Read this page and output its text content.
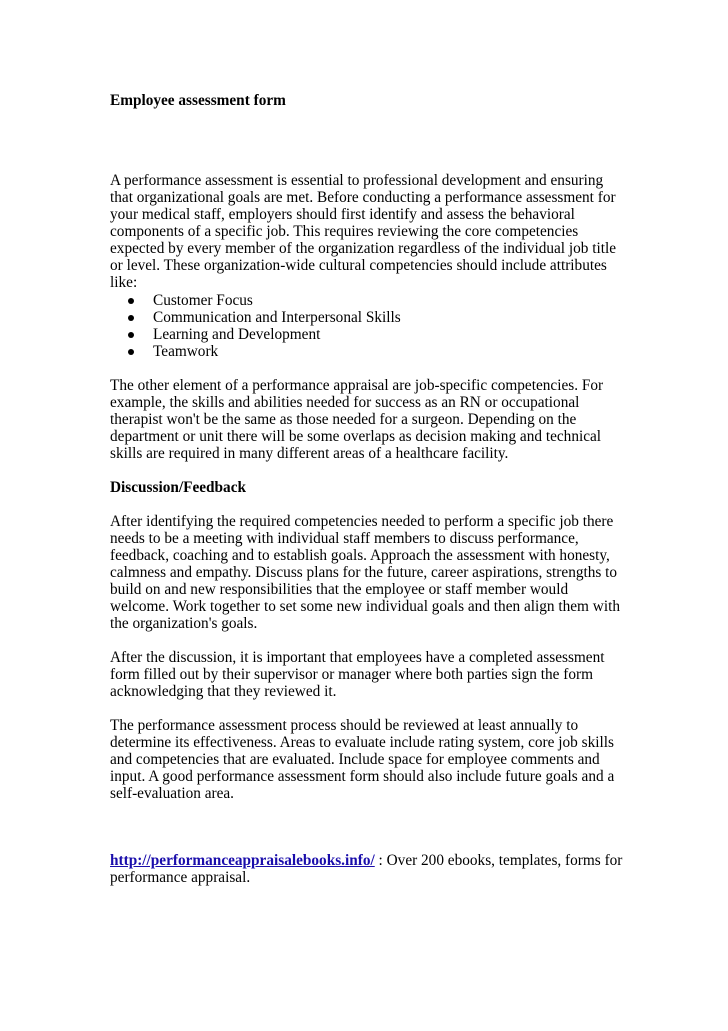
Employee assessment form

A performance assessment is essential to professional development and ensuring that organizational goals are met. Before conducting a performance assessment for your medical staff, employers should first identify and assess the behavioral components of a specific job. This requires reviewing the core competencies expected by every member of the organization regardless of the individual job title or level. These organization-wide cultural competencies should include attributes like:

Customer Focus
Communication and Interpersonal Skills
Learning and Development
Teamwork

The other element of a performance appraisal are job-specific competencies. For example, the skills and abilities needed for success as an RN or occupational therapist won't be the same as those needed for a surgeon. Depending on the department or unit there will be some overlaps as decision making and technical skills are required in many different areas of a healthcare facility.

Discussion/Feedback

After identifying the required competencies needed to perform a specific job there needs to be a meeting with individual staff members to discuss performance, feedback, coaching and to establish goals. Approach the assessment with honesty, calmness and empathy. Discuss plans for the future, career aspirations, strengths to build on and new responsibilities that the employee or staff member would welcome. Work together to set some new individual goals and then align them with the organization's goals.

After the discussion, it is important that employees have a completed assessment form filled out by their supervisor or manager where both parties sign the form acknowledging that they reviewed it.

The performance assessment process should be reviewed at least annually to determine its effectiveness. Areas to evaluate include rating system, core job skills and competencies that are evaluated. Include space for employee comments and input. A good performance assessment form should also include future goals and a self-evaluation area.

http://performanceappraisalebooks.info/ : Over 200 ebooks, templates, forms for performance appraisal.
